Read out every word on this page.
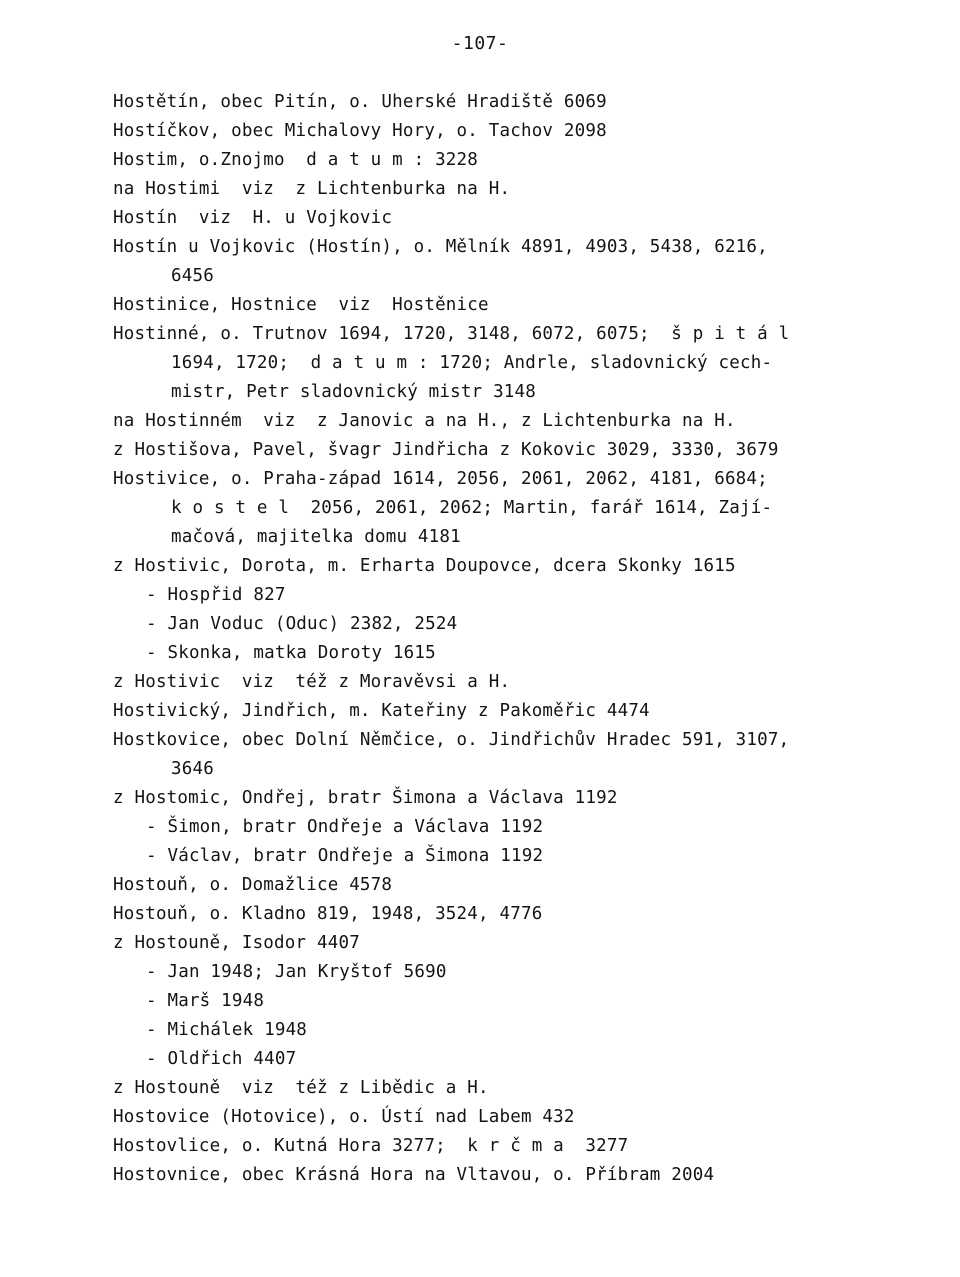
-107-
Hostětín, obec Pitín, o. Uherské Hradiště 6069
Hostíčkov, obec Michalovy Hory, o. Tachov 2098
Hostim, o.Znojmo  d a t u m : 3228
na Hostimi  viz  z Lichtenburka na H.
Hostín  viz  H. u Vojkovic
Hostín u Vojkovic (Hostín), o. Mělník 4891, 4903, 5438, 6216,
6456
Hostinice, Hostnice  viz  Hostěnice
Hostinné, o. Trutnov 1694, 1720, 3148, 6072, 6075;  š p i t á l
1694, 1720;  d a t u m : 1720; Andrle, sladovnický cech-
mistr, Petr sladovnický mistr 3148
na Hostinném  viz  z Janovic a na H., z Lichtenburka na H.
z Hostišova, Pavel, švagr Jindřicha z Kokovic 3029, 3330, 3679
Hostivice, o. Praha-západ 1614, 2056, 2061, 2062, 4181, 6684;
k o s t e l  2056, 2061, 2062; Martin, farář 1614, Zají-
mačová, majitelka domu 4181
z Hostivic, Dorota, m. Erharta Doupovce, dcera Skonky 1615
- Hospřid 827
- Jan Voduc (Oduc) 2382, 2524
- Skonka, matka Doroty 1615
z Hostivic  viz  též z Moravěvsi a H.
Hostivický, Jindřich, m. Kateřiny z Pakoměřic 4474
Hostkovice, obec Dolní Němčice, o. Jindřichův Hradec 591, 3107,
3646
z Hostomic, Ondřej, bratr Šimona a Václava 1192
- Šimon, bratr Ondřeje a Václava 1192
- Václav, bratr Ondřeje a Šimona 1192
Hostouň, o. Domažlice 4578
Hostouň, o. Kladno 819, 1948, 3524, 4776
z Hostouně, Isodor 4407
- Jan 1948; Jan Kryštof 5690
- Marš 1948
- Michálek 1948
- Oldřich 4407
z Hostouně  viz  též z Libědic a H.
Hostovice (Hotovice), o. Ústí nad Labem 432
Hostovlice, o. Kutná Hora 3277;  k r č m a  3277
Hostovnice, obec Krásná Hora na Vltavou, o. Příbram 2004
